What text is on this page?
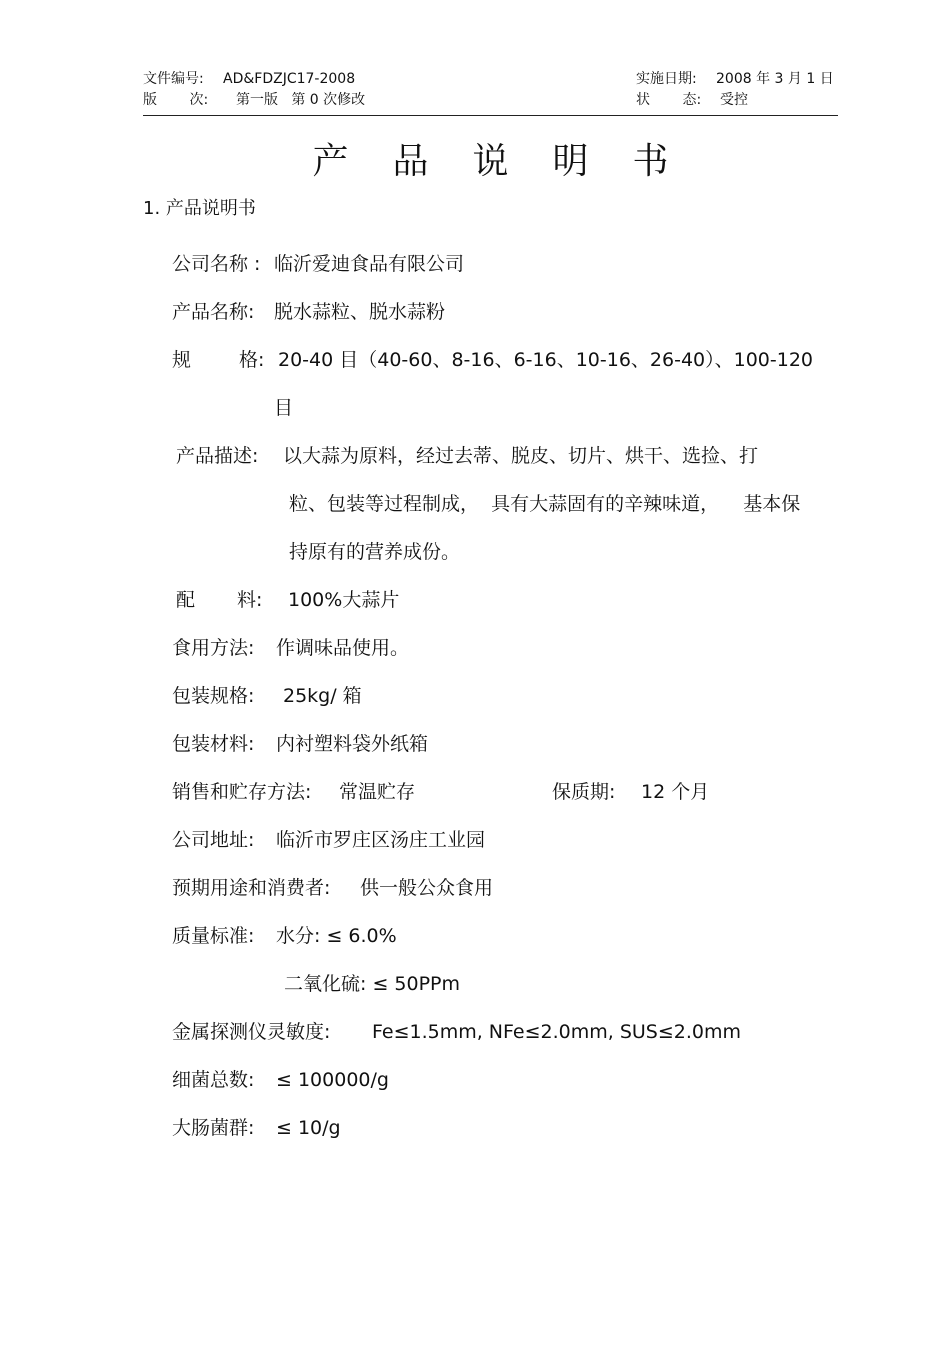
文件编号: AD&FDZJC17-2008	实施日期: 2008 年 3 月 1 日
版 次: 第一版   第 0 次修改	状 态: 受控
产品说明书
1. 产品说明书
公司名称 : 临沂爱迪食品有限公司
产品名称: 脱水蒜粒、脱水蒜粉
规 格: 20-40 目（40-60、8-16、6-16、10-16、26-40）、100-120
目
产品描述: 以大蒜为原料，经过去蒂、脱皮、切片、烘干、选捡、打
粒、包装等过程制成，  具有大蒜固有的辛辣味道，    基本保
持原有的营养成份。
配 料: 100%大蒜片
食用方法: 作调味品使用。
包装规格: 25kg/ 箱
包装材料: 内衬塑料袋外纸箱
销售和贮存方法: 常温贮存	保质期: 12 个月
公司地址: 临沂市罗庄区汤庄工业园
预期用途和消费者: 供一般公众食用
质量标准: 水分: ≤ 6.0%
二氧化硫: ≤ 50PPm
金属探测仪灵敏度: Fe≤1.5mm, NFe≤2.0mm, SUS≤2.0mm
细菌总数: ≤ 100000/g
大肠菌群: ≤ 10/g
